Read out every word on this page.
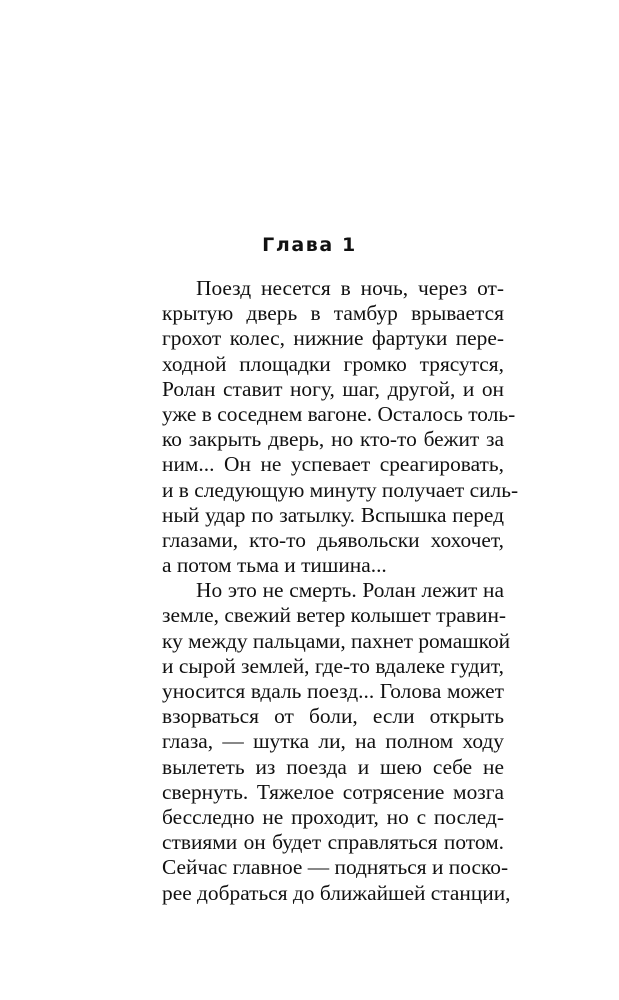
Глава 1
Поезд несется в ночь, через от-
крытую дверь в тамбур врывается
грохот колес, нижние фартуки пере-
ходной площадки громко трясутся,
Ролан ставит ногу, шаг, другой, и он
уже в соседнем вагоне. Осталось толь-
ко закрыть дверь, но кто-то бежит за
ним... Он не успевает среагировать,
и в следующую минуту получает силь-
ный удар по затылку. Вспышка перед
глазами, кто-то дьявольски хохочет,
а потом тьма и тишина...
Но это не смерть. Ролан лежит на
земле, свежий ветер колышет травин-
ку между пальцами, пахнет ромашкой
и сырой землей, где-то вдалеке гудит,
уносится вдаль поезд... Голова может
взорваться от боли, если открыть
глаза, — шутка ли, на полном ходу
вылететь из поезда и шею себе не
свернуть. Тяжелое сотрясение мозга
бесследно не проходит, но с послед-
ствиями он будет справляться потом.
Сейчас главное — подняться и поско-
рее добраться до ближайшей станции,
